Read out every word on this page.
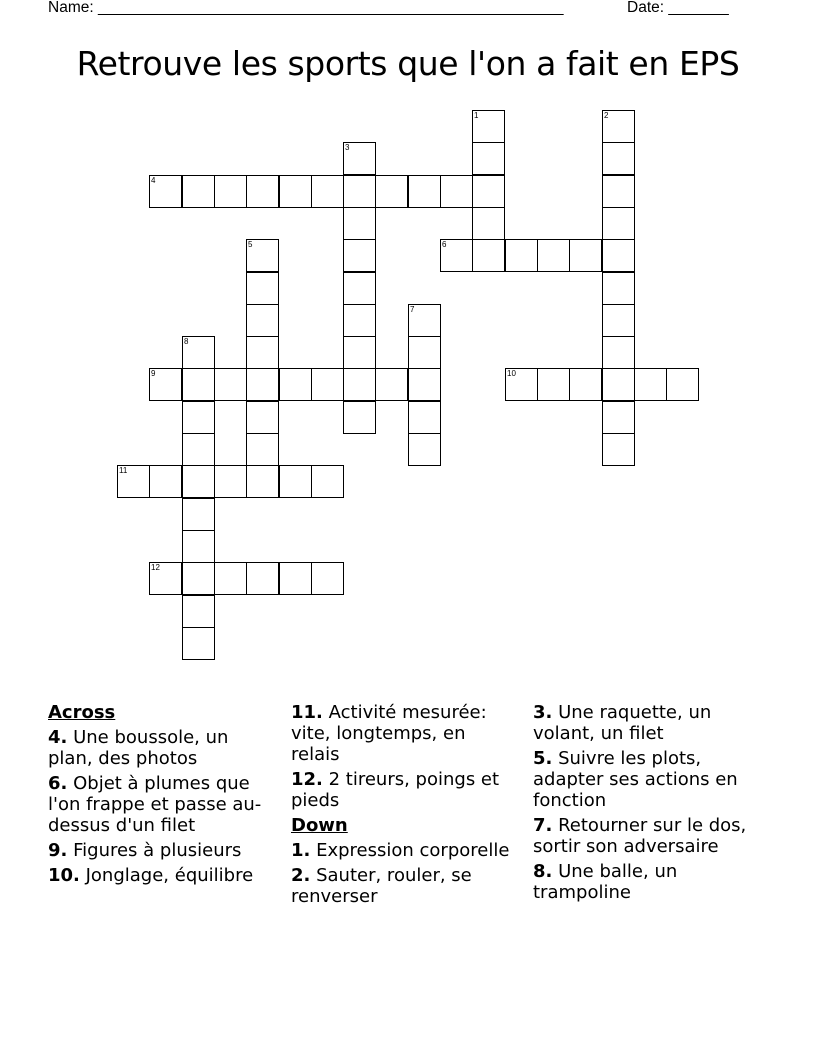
Name: ______________________________________________________	Date: _______
Retrouve les sports que l'on a fait en EPS
1	2
3
4
5	6
7
8
9	10
11
12
Across
4. Une boussole, un plan, des photos
6. Objet à plumes que l'on frappe et passe au-dessus d'un filet
9. Figures à plusieurs
10. Jonglage, équilibre
11. Activité mesurée: vite, longtemps, en relais
12. 2 tireurs, poings et pieds
Down
1. Expression corporelle
2. Sauter, rouler, se renverser
3. Une raquette, un volant, un filet
5. Suivre les plots, adapter ses actions en fonction
7. Retourner sur le dos, sortir son adversaire
8. Une balle, un trampoline
